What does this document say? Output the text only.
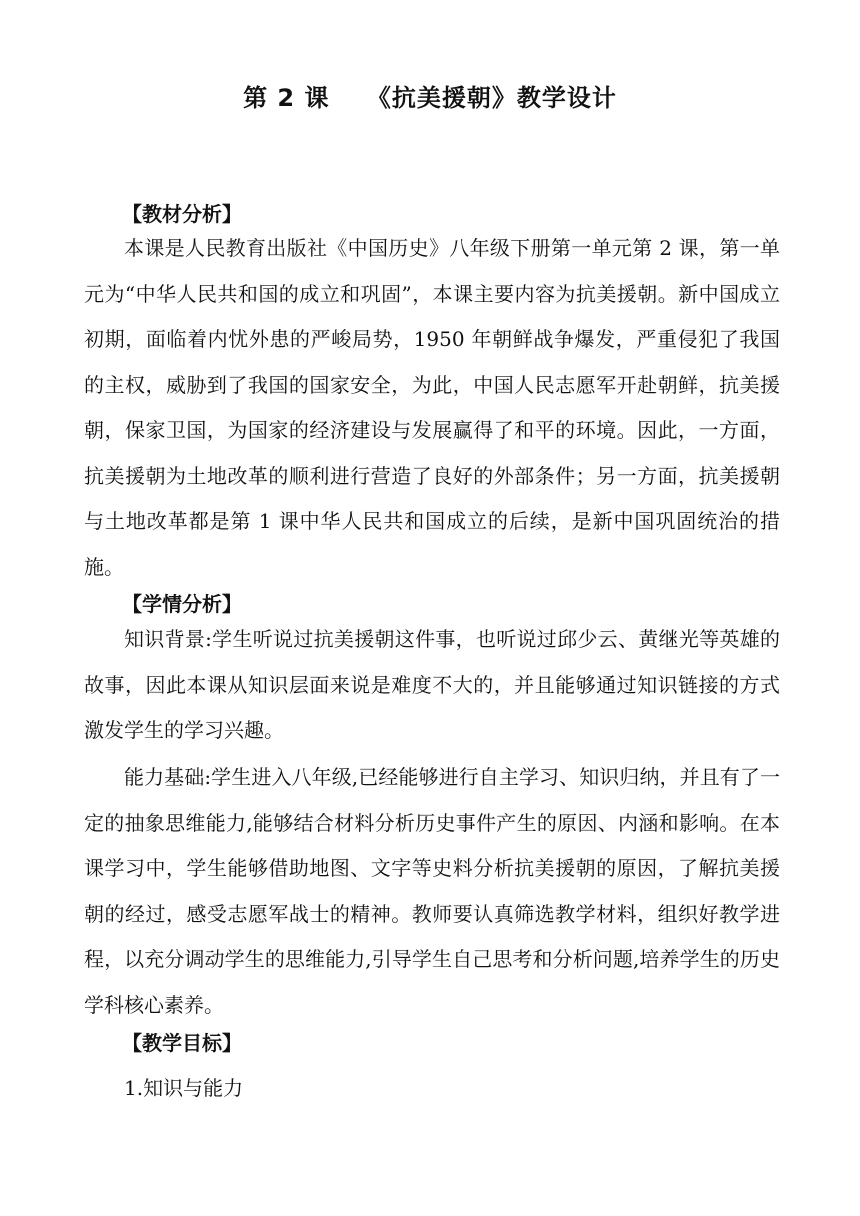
第 2 课    《抗美援朝》教学设计
【教材分析】

本课是人民教育出版社《中国历史》八年级下册第一单元第 2 课，第一单元为“中华人民共和国的成立和巩固”，本课主要内容为抗美援朝。新中国成立初期，面临着内忧外患的严峻局势，1950 年朝鲜战争爆发，严重侵犯了我国的主权，威胁到了我国的国家安全，为此，中国人民志愿军开赴朝鲜，抗美援朝，保家卫国，为国家的经济建设与发展赢得了和平的环境。因此，一方面，抗美援朝为土地改革的顺利进行营造了良好的外部条件；另一方面，抗美援朝与土地改革都是第 1 课中华人民共和国成立的后续，是新中国巩固统治的措施。

【学情分析】

知识背景:学生听说过抗美援朝这件事，也听说过邱少云、黄继光等英雄的故事，因此本课从知识层面来说是难度不大的，并且能够通过知识链接的方式激发学生的学习兴趣。

能力基础:学生进入八年级,已经能够进行自主学习、知识归纳，并且有了一定的抽象思维能力,能够结合材料分析历史事件产生的原因、内涵和影响。在本课学习中，学生能够借助地图、文字等史料分析抗美援朝的原因，了解抗美援朝的经过，感受志愿军战士的精神。教师要认真筛选教学材料，组织好教学进程，以充分调动学生的思维能力,引导学生自己思考和分析问题,培养学生的历史学科核心素养。

【教学目标】
1.知识与能力
